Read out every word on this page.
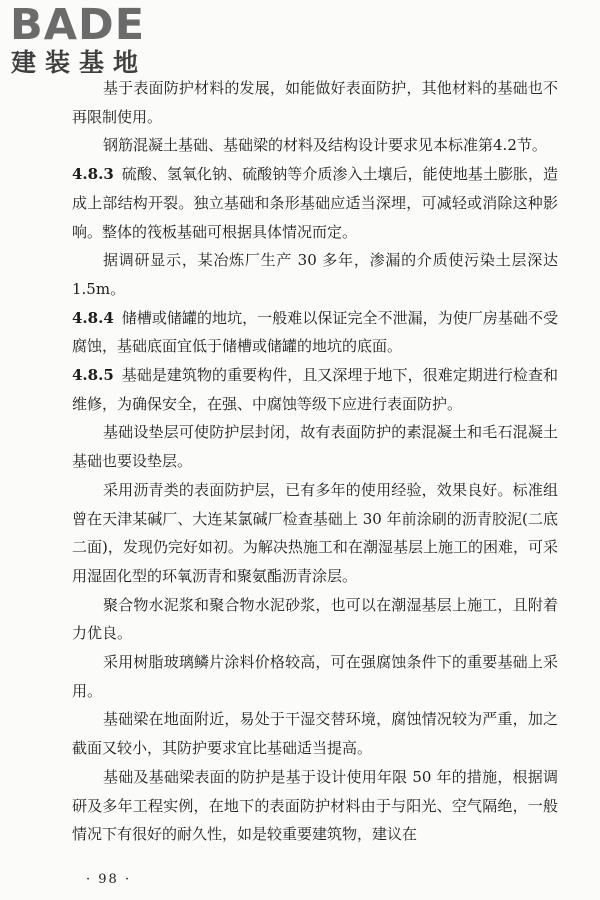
BADE
建装基地

基于表面防护材料的发展，如能做好表面防护，其他材料的基础也不再限制使用。

钢筋混凝土基础、基础梁的材料及结构设计要求见本标准第4.2节。

4.8.3 硫酸、氢氧化钠、硫酸钠等介质渗入土壤后，能使地基土膨胀，造成上部结构开裂。独立基础和条形基础应适当深埋，可减轻或消除这种影响。整体的筏板基础可根据具体情况而定。

据调研显示，某冶炼厂生产 30 多年，渗漏的介质使污染土层深达 1.5m。

4.8.4 储槽或储罐的地坑，一般难以保证完全不泄漏，为使厂房基础不受腐蚀，基础底面宜低于储槽或储罐的地坑的底面。

4.8.5 基础是建筑物的重要构件，且又深埋于地下，很难定期进行检查和维修，为确保安全，在强、中腐蚀等级下应进行表面防护。

基础设垫层可使防护层封闭，故有表面防护的素混凝土和毛石混凝土基础也要设垫层。

采用沥青类的表面防护层，已有多年的使用经验，效果良好。标准组曾在天津某碱厂、大连某氯碱厂检查基础上 30 年前涂刷的沥青胶泥(二底二面)，发现仍完好如初。为解决热施工和在潮湿基层上施工的困难，可采用湿固化型的环氧沥青和聚氨酯沥青涂层。

聚合物水泥浆和聚合物水泥砂浆，也可以在潮湿基层上施工，且附着力优良。

采用树脂玻璃鳞片涂料价格较高，可在强腐蚀条件下的重要基础上采用。

基础梁在地面附近，易处于干湿交替环境，腐蚀情况较为严重，加之截面又较小，其防护要求宜比基础适当提高。

基础及基础梁表面的防护是基于设计使用年限 50 年的措施，根据调研及多年工程实例，在地下的表面防护材料由于与阳光、空气隔绝，一般情况下有很好的耐久性，如是较重要建筑物，建议在

· 98 ·
